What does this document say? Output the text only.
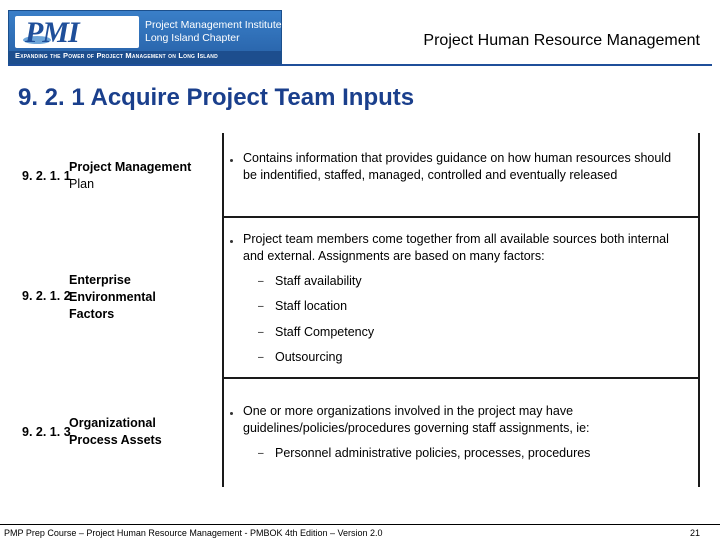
PMI	Project Management Institute
Long Island Chapter
Expanding the Power of Project Management on Long Island
Project Human Resource Management
9. 2. 1 Acquire Project Team Inputs
9. 2. 1. 1
Project Management
Plan
Enterprise
9. 2. 1. 2
Environmental
Factors
9. 2. 1. 3
Organizational
Process Assets
Contains information that provides guidance on how human resources should be indentified, staffed, managed, controlled and eventually released
Project team members come together from all available sources both internal and external. Assignments are based on many factors:
– Staff availability
– Staff location
– Staff Competency
– Outsourcing
One or more organizations involved in the project may have guidelines/policies/procedures governing staff assignments, ie:
– Personnel administrative policies, processes, procedures
PMP Prep Course – Project Human Resource Management - PMBOK 4th Edition – Version 2.0	21
